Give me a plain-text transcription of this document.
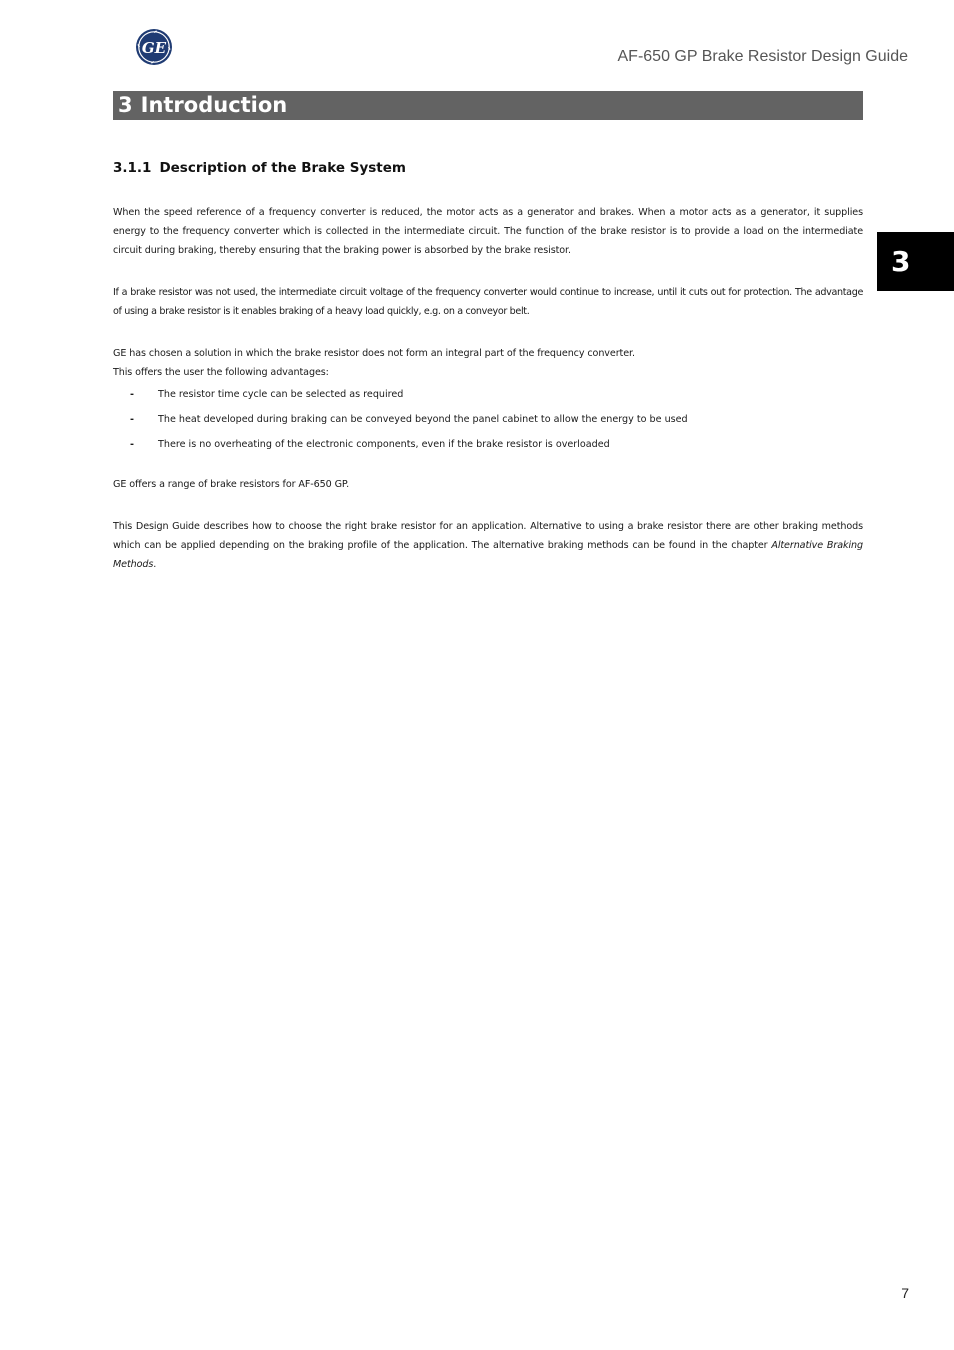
GE	AF-650 GP Brake Resistor Design Guide
3 Introduction
3
3.1.1 Description of the Brake System

When the speed reference of a frequency converter is reduced, the motor acts as a generator and brakes. When a motor acts as a generator, it supplies energy to the frequency converter which is collected in the intermediate circuit. The function of the brake resistor is to provide a load on the intermediate circuit during braking, thereby ensuring that the braking power is absorbed by the brake resistor.

If a brake resistor was not used, the intermediate circuit voltage of the frequency converter would continue to increase, until it cuts out for protection. The advantage of using a brake resistor is it enables braking of a heavy load quickly, e.g. on a conveyor belt.

GE has chosen a solution in which the brake resistor does not form an integral part of the frequency converter.

This offers the user the following advantages:

-	The resistor time cycle can be selected as required
-	The heat developed during braking can be conveyed beyond the panel cabinet to allow the energy to be used
-	There is no overheating of the electronic components, even if the brake resistor is overloaded

GE offers a range of brake resistors for AF-650 GP.

This Design Guide describes how to choose the right brake resistor for an application. Alternative to using a brake resistor there are other braking methods which can be applied depending on the braking profile of the application. The alternative braking methods can be found in the chapter Alternative Braking Methods.

7
